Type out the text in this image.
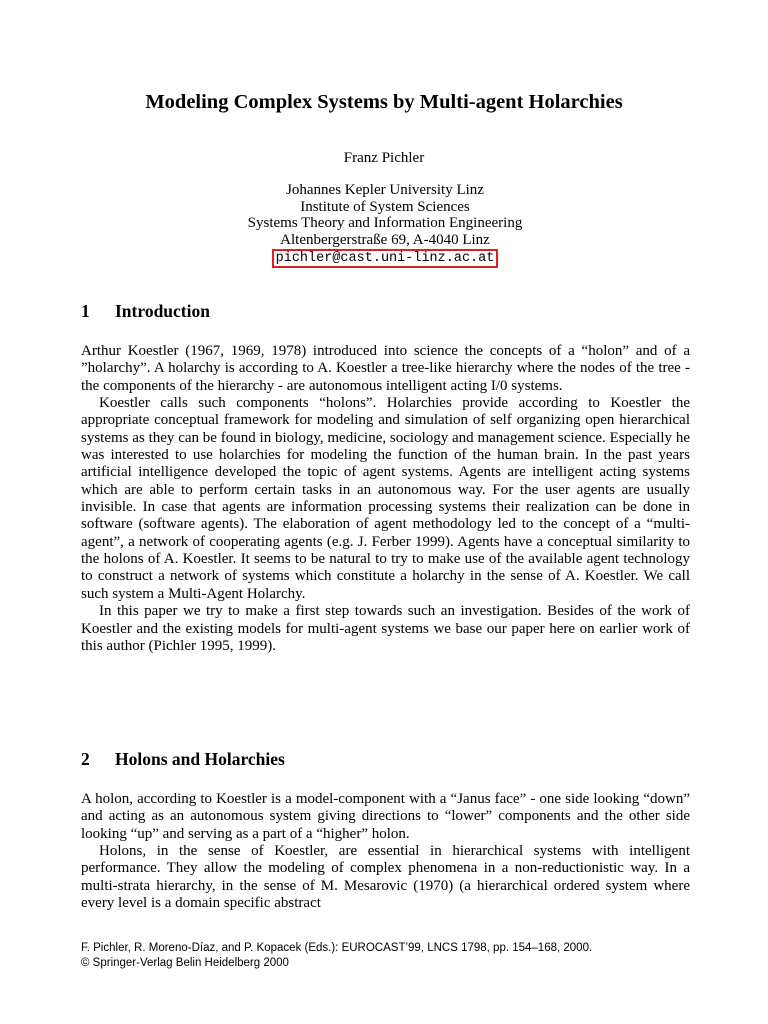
Modeling Complex Systems by Multi-agent Holarchies
Franz Pichler
Johannes Kepler University Linz
Institute of System Sciences
Systems Theory and Information Engineering
Altenbergerstraße 69, A-4040 Linz
pichler@cast.uni-linz.ac.at
1 Introduction

Arthur Koestler (1967, 1969, 1978) introduced into science the concepts of a “holon” and of a ”holarchy”. A holarchy is according to A. Koestler a tree-like hierarchy where the nodes of the tree - the components of the hierarchy - are autonomous intelligent acting I/0 systems.

Koestler calls such components “holons”. Holarchies provide according to Koestler the appropriate conceptual framework for modeling and simulation of self organizing open hierarchical systems as they can be found in biology, medicine, sociology and management science. Especially he was interested to use holarchies for modeling the function of the human brain. In the past years artificial intelligence developed the topic of agent systems. Agents are intelligent acting systems which are able to perform certain tasks in an autonomous way. For the user agents are usually invisible. In case that agents are information processing systems their realization can be done in software (software agents). The elaboration of agent methodology led to the concept of a “multi-agent”, a network of cooperating agents (e.g. J. Ferber 1999). Agents have a conceptual similarity to the holons of A. Koestler. It seems to be natural to try to make use of the available agent technology to construct a network of systems which constitute a holarchy in the sense of A. Koestler. We call such system a Multi-Agent Holarchy.

In this paper we try to make a first step towards such an investigation. Besides of the work of Koestler and the existing models for multi-agent systems we base our paper here on earlier work of this author (Pichler 1995, 1999).

2 Holons and Holarchies

A holon, according to Koestler is a model-component with a “Janus face” - one side looking “down” and acting as an autonomous system giving directions to “lower” components and the other side looking “up” and serving as a part of a “higher” holon.

Holons, in the sense of Koestler, are essential in hierarchical systems with intelligent performance. They allow the modeling of complex phenomena in a non-reductionistic way. In a multi-strata hierarchy, in the sense of M. Mesarovic (1970) (a hierarchical ordered system where every level is a domain specific abstract

F. Pichler, R. Moreno-Díaz, and P. Kopacek (Eds.): EUROCAST’99, LNCS 1798, pp. 154–168, 2000.
© Springer-Verlag Belin Heidelberg 2000
